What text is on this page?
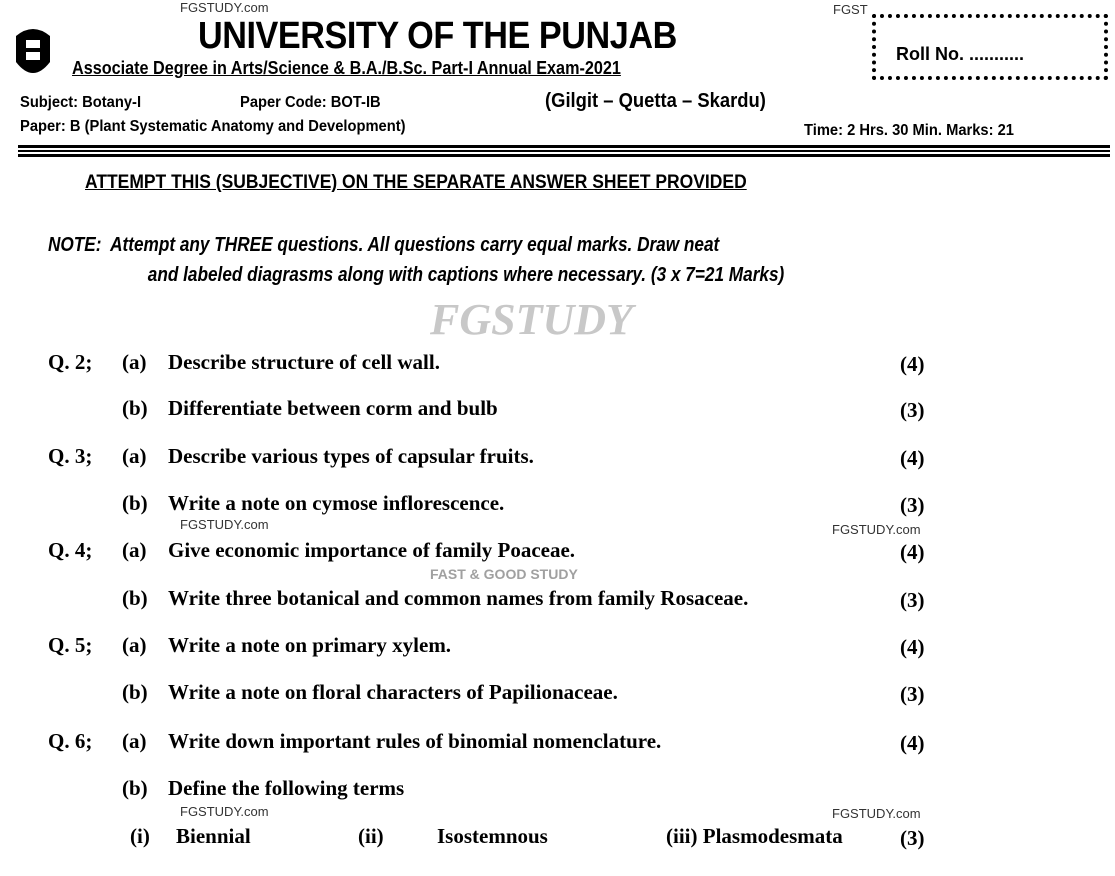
FGSTUDY
FAST & GOOD STUDY
FGSTUDY.com	FGST
UNIVERSITY OF THE PUNJAB
Associate Degree in Arts/Science & B.A./B.Sc. Part-I Annual Exam-2021
Roll No. ...........
Subject: Botany-I	Paper Code: BOT-IB	(Gilgit – Quetta – Skardu)
Paper: B (Plant Systematic Anatomy and Development)	Time: 2 Hrs. 30 Min. Marks: 21
ATTEMPT THIS (SUBJECTIVE) ON THE SEPARATE ANSWER SHEET PROVIDED
NOTE: Attempt any THREE questions. All questions carry equal marks. Draw neat
and labeled diagrasms along with captions where necessary. (3 x 7=21 Marks)
Q. 2; (a) Describe structure of cell wall.	(4)
(b) Differentiate between corm and bulb	(3)
Q. 3; (a) Describe various types of capsular fruits.	(4)
(b) Write a note on cymose inflorescence.	(3)
Q. 4; (a) Give economic importance of family Poaceae.	(4)
(b) Write three botanical and common names from family Rosaceae.	(3)
Q. 5; (a) Write a note on primary xylem.	(4)
(b) Write a note on floral characters of Papilionaceae.	(3)
Q. 6; (a) Write down important rules of binomial nomenclature.	(4)
(b) Define the following terms
FGSTUDY.com	FGSTUDY.com
FGSTUDY.com	FGSTUDY.com
(i) Biennial	(ii)	Isostemnous	(iii) Plasmodesmata	(3)
